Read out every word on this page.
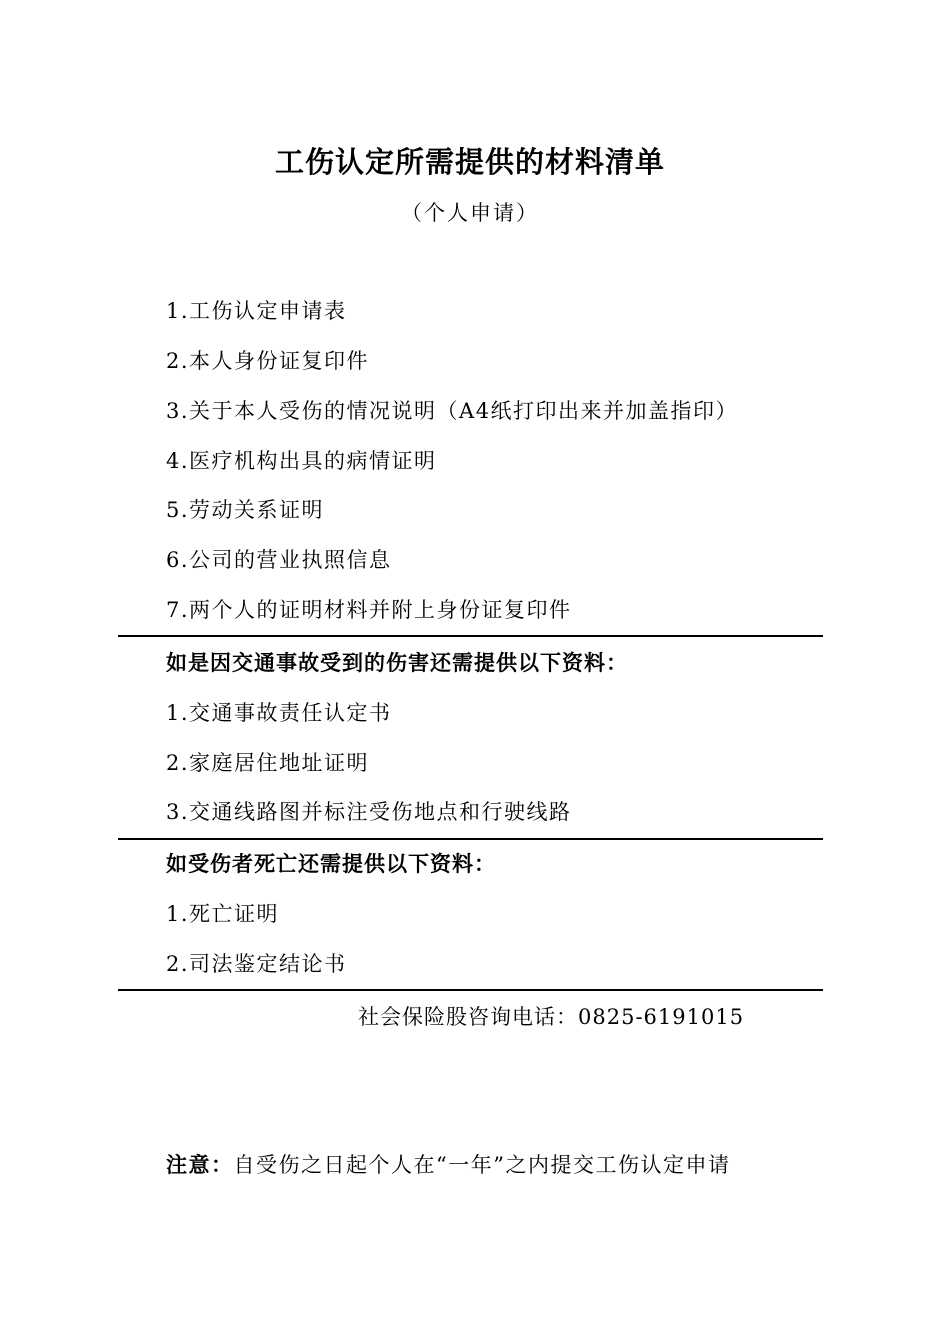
工伤认定所需提供的材料清单
（个人申请）
1.工伤认定申请表
2.本人身份证复印件
3.关于本人受伤的情况说明（A4纸打印出来并加盖指印）
4.医疗机构出具的病情证明
5.劳动关系证明
6.公司的营业执照信息
7.两个人的证明材料并附上身份证复印件
如是因交通事故受到的伤害还需提供以下资料：
1.交通事故责任认定书
2.家庭居住地址证明
3.交通线路图并标注受伤地点和行驶线路
如受伤者死亡还需提供以下资料：
1.死亡证明
2.司法鉴定结论书
社会保险股咨询电话：0825-6191015
注意：自受伤之日起个人在“一年”之内提交工伤认定申请
